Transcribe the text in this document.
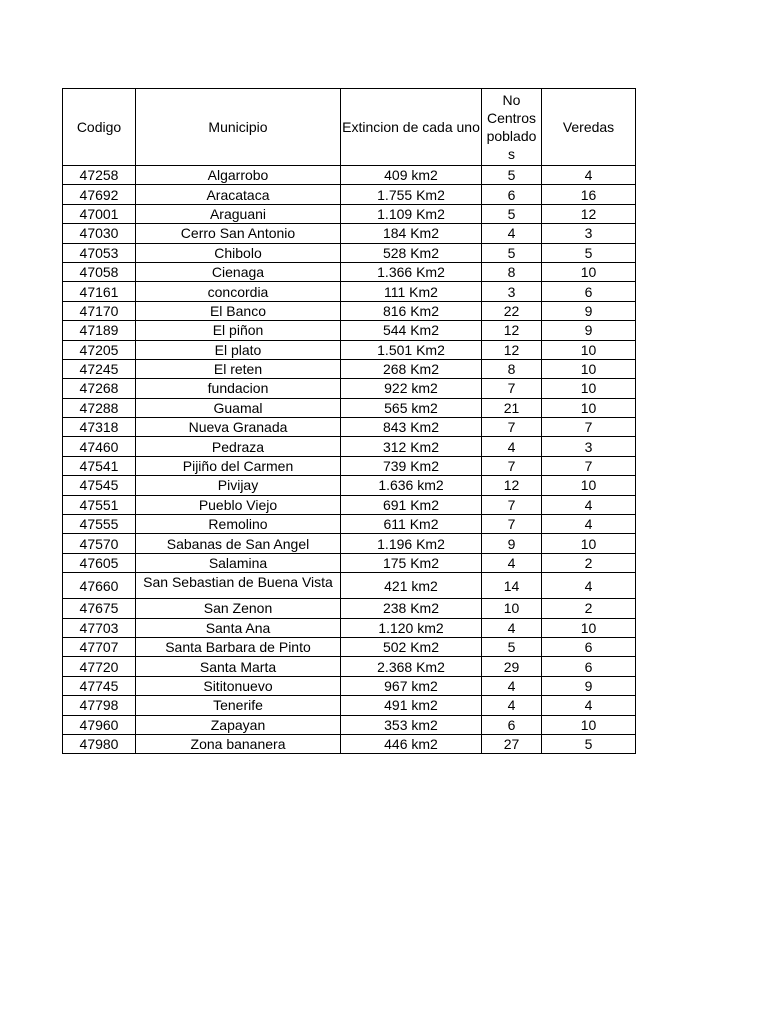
Codigo	Municipio	Extincion de cada uno	No Centros poblado s	Veredas
47258	Algarrobo	409 km2	5	4
47692	Aracataca	1.755 Km2	6	16
47001	Araguani	1.109 Km2	5	12
47030	Cerro San Antonio	184 Km2	4	3
47053	Chibolo	528 Km2	5	5
47058	Cienaga	1.366 Km2	8	10
47161	concordia	111 Km2	3	6
47170	El Banco	816 Km2	22	9
47189	El piñon	544 Km2	12	9
47205	El plato	1.501 Km2	12	10
47245	El reten	268 Km2	8	10
47268	fundacion	922 km2	7	10
47288	Guamal	565 km2	21	10
47318	Nueva Granada	843 Km2	7	7
47460	Pedraza	312 Km2	4	3
47541	Pijiño del Carmen	739 Km2	7	7
47545	Pivijay	1.636 km2	12	10
47551	Pueblo Viejo	691 Km2	7	4
47555	Remolino	611 Km2	7	4
47570	Sabanas de San Angel	1.196 Km2	9	10
47605	Salamina	175 Km2	4	2
47660	San Sebastian de Buena Vista	421 km2	14	4
47675	San Zenon	238 Km2	10	2
47703	Santa Ana	1.120 km2	4	10
47707	Santa Barbara de Pinto	502 Km2	5	6
47720	Santa Marta	2.368 Km2	29	6
47745	Sititonuevo	967 km2	4	9
47798	Tenerife	491 km2	4	4
47960	Zapayan	353 km2	6	10
47980	Zona bananera	446 km2	27	5
